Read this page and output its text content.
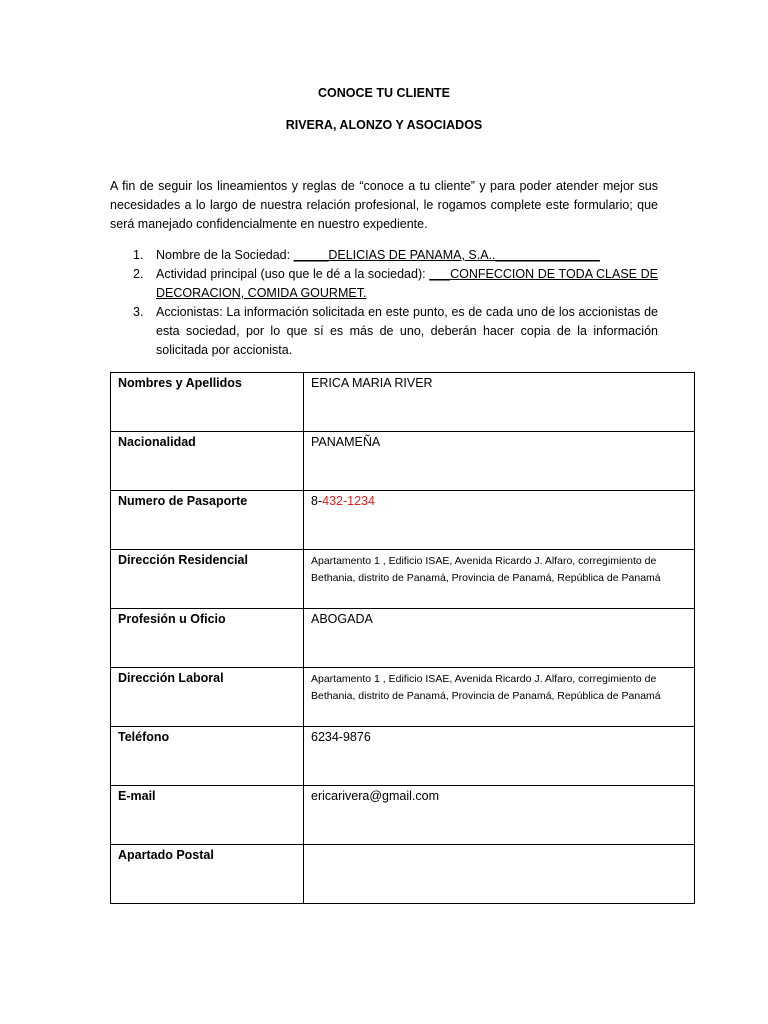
CONOCE TU CLIENTE
RIVERA, ALONZO Y ASOCIADOS
A fin de seguir los lineamientos y reglas de “conoce a tu cliente” y para poder atender mejor sus necesidades a lo largo de nuestra relación profesional, le rogamos complete este formulario; que será manejado confidencialmente en nuestro expediente.
1. Nombre de la Sociedad: _____DELICIAS DE PANAMA, S.A.._______________
2. Actividad principal (uso que le dé a la sociedad): ___CONFECCION DE TODA CLASE DE DECORACION, COMIDA GOURMET.
3. Accionistas: La información solicitada en este punto, es de cada uno de los accionistas de esta sociedad, por lo que sí es más de uno, deberán hacer copia de la información solicitada por accionista.
Nombres y Apellidos	ERICA MARIA RIVER
Nacionalidad	PANAMEÑA
Numero de Pasaporte	8-432-1234
Dirección Residencial	Apartamento 1 , Edificio ISAE, Avenida Ricardo J. Alfaro, corregimiento de Bethania, distrito de Panamá, Provincia de Panamá, República de Panamá
Profesión u Oficio	ABOGADA
Dirección Laboral	Apartamento 1 , Edificio ISAE, Avenida Ricardo J. Alfaro, corregimiento de Bethania, distrito de Panamá, Provincia de Panamá, República de Panamá
Teléfono	6234-9876
E-mail	ericarivera@gmail.com
Apartado Postal	
